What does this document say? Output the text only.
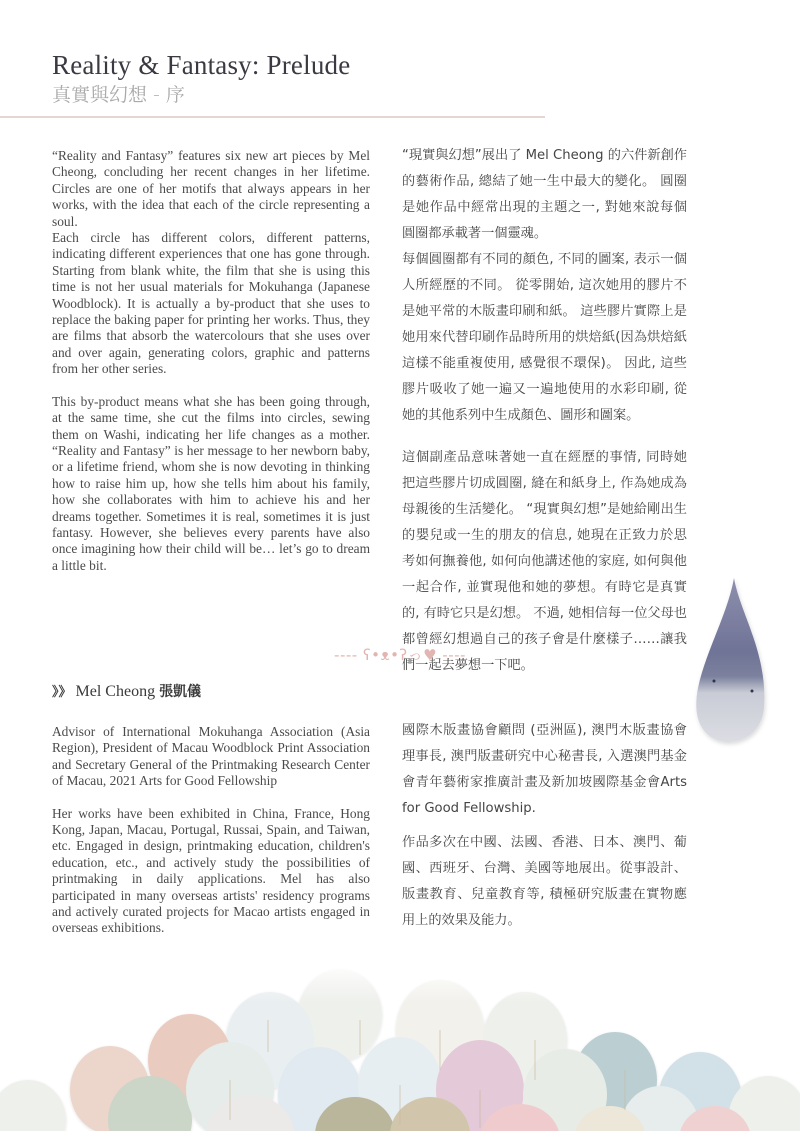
Reality & Fantasy: Prelude
真實與幻想 - 序

“Reality and Fantasy” features six new art pieces by Mel Cheong, concluding her recent changes in her lifetime. Circles are one of her motifs that always appears in her works, with the idea that each of the circle representing a soul.

Each circle has different colors, different patterns, indicating different experiences that one has gone through. Starting from blank white, the film that she is using this time is not her usual materials for Mokuhanga (Japanese Woodblock). It is actually a by-product that she uses to replace the baking paper for printing her works. Thus, they are films that absorb the watercolours that she uses over and over again, generating colors, graphic and patterns from her other series.

This by-product means what she has been going through, at the same time, she cut the films into circles, sewing them on Washi, indicating her life changes as a mother. “Reality and Fantasy” is her message to her newborn baby, or a lifetime friend, whom she is now devoting in thinking how to raise him up, how she tells him about his family, how she collaborates with him to achieve his and her dreams together. Sometimes it is real, sometimes it is just fantasy. However, she believes every parents have also once imagining how their child will be… let’s go to dream a little bit.

“現實與幻想”展出了 Mel Cheong 的六件新創作的藝術作品, 總結了她一生中最大的變化。 圓圈是她作品中經常出現的主題之一, 對她來說每個圓圈都承載著一個靈魂。

每個圓圈都有不同的顏色, 不同的圖案, 表示一個人所經歷的不同。 從零開始, 這次她用的膠片不是她平常的木版畫印刷和紙。 這些膠片實際上是她用來代替印刷作品時所用的烘焙紙(因為烘焙紙這樣不能重複使用, 感覺很不環保)。 因此, 這些膠片吸收了她一遍又一遍地使用的水彩印刷, 從她的其他系列中生成顏色、圖形和圖案。

這個副產品意味著她一直在經歷的事情, 同時她把這些膠片切成圓圈, 縫在和紙身上, 作為她成為母親後的生活變化。 “現實與幻想”是她給剛出生的嬰兒或一生的朋友的信息, 她現在正致力於思考如何撫養他, 如何向他講述他的家庭, 如何與他一起合作, 並實現他和她的夢想。有時它是真實的, 有時它只是幻想。 不過, 她相信每一位父母也都曾經幻想過自己的孩子會是什麼樣子……讓我們一起去夢想一下吧。

---- ʕ•ᴥ•ʔっ♥ ----
》》 Mel Cheong 張凱儀

Advisor of International Mokuhanga Association (Asia Region), President of Macau Woodblock Print Association and Secretary General of the Printmaking Research Center of Macau, 2021 Arts for Good Fellowship

Her works have been exhibited in China, France, Hong Kong, Japan, Macau, Portugal, Russai, Spain, and Taiwan, etc. Engaged in design, printmaking education, children's education, etc., and actively study the possibilities of printmaking in daily applications. Mel has also participated in many overseas artists' residency programs and actively curated projects for Macao artists engaged in overseas exhibitions.

國際木版畫協會顧問 (亞洲區), 澳門木版畫協會理事長, 澳門版畫研究中心秘書長, 入選澳門基金會青年藝術家推廣計畫及新加坡國際基金會Arts for Good Fellowship.

作品多次在中國、法國、香港、日本、澳門、葡國、西班牙、台灣、美國等地展出。從事設計、版畫教育、兒童教育等, 積極研究版畫在實物應用上的效果及能力。
